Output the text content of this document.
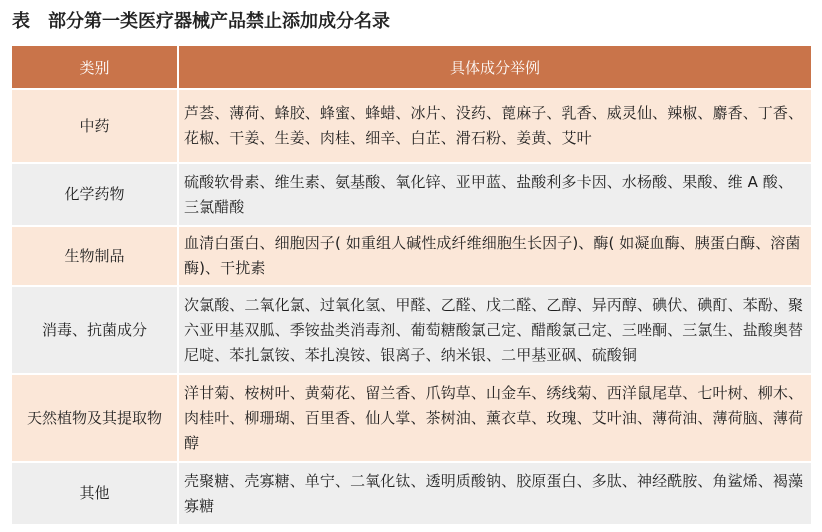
表 部分第一类医疗器械产品禁止添加成分名录
类别	具体成分举例
中药	芦荟、薄荷、蜂胶、蜂蜜、蜂蜡、冰片、没药、蓖麻子、乳香、威灵仙、辣椒、麝香、丁香、花椒、干姜、生姜、肉桂、细辛、白芷、滑石粉、姜黄、艾叶
化学药物	硫酸软骨素、维生素、氨基酸、氧化锌、亚甲蓝、盐酸利多卡因、水杨酸、果酸、维 A 酸、三氯醋酸
生物制品	血清白蛋白、细胞因子( 如重组人碱性成纤维细胞生长因子)、酶( 如凝血酶、胰蛋白酶、溶菌酶)、干扰素
消毒、抗菌成分	次氯酸、二氧化氯、过氧化氢、甲醛、乙醛、戊二醛、乙醇、异丙醇、碘伏、碘酊、苯酚、聚六亚甲基双胍、季铵盐类消毒剂、葡萄糖酸氯己定、醋酸氯己定、三唑酮、三氯生、盐酸奥替尼啶、苯扎氯铵、苯扎溴铵、银离子、纳米银、二甲基亚砜、硫酸铜
天然植物及其提取物	洋甘菊、桉树叶、黄菊花、留兰香、爪钩草、山金车、绣线菊、西洋鼠尾草、七叶树、柳木、肉桂叶、柳珊瑚、百里香、仙人掌、茶树油、薰衣草、玫瑰、艾叶油、薄荷油、薄荷脑、薄荷醇
其他	壳聚糖、壳寡糖、单宁、二氧化钛、透明质酸钠、胶原蛋白、多肽、神经酰胺、角鲨烯、褐藻寡糖
